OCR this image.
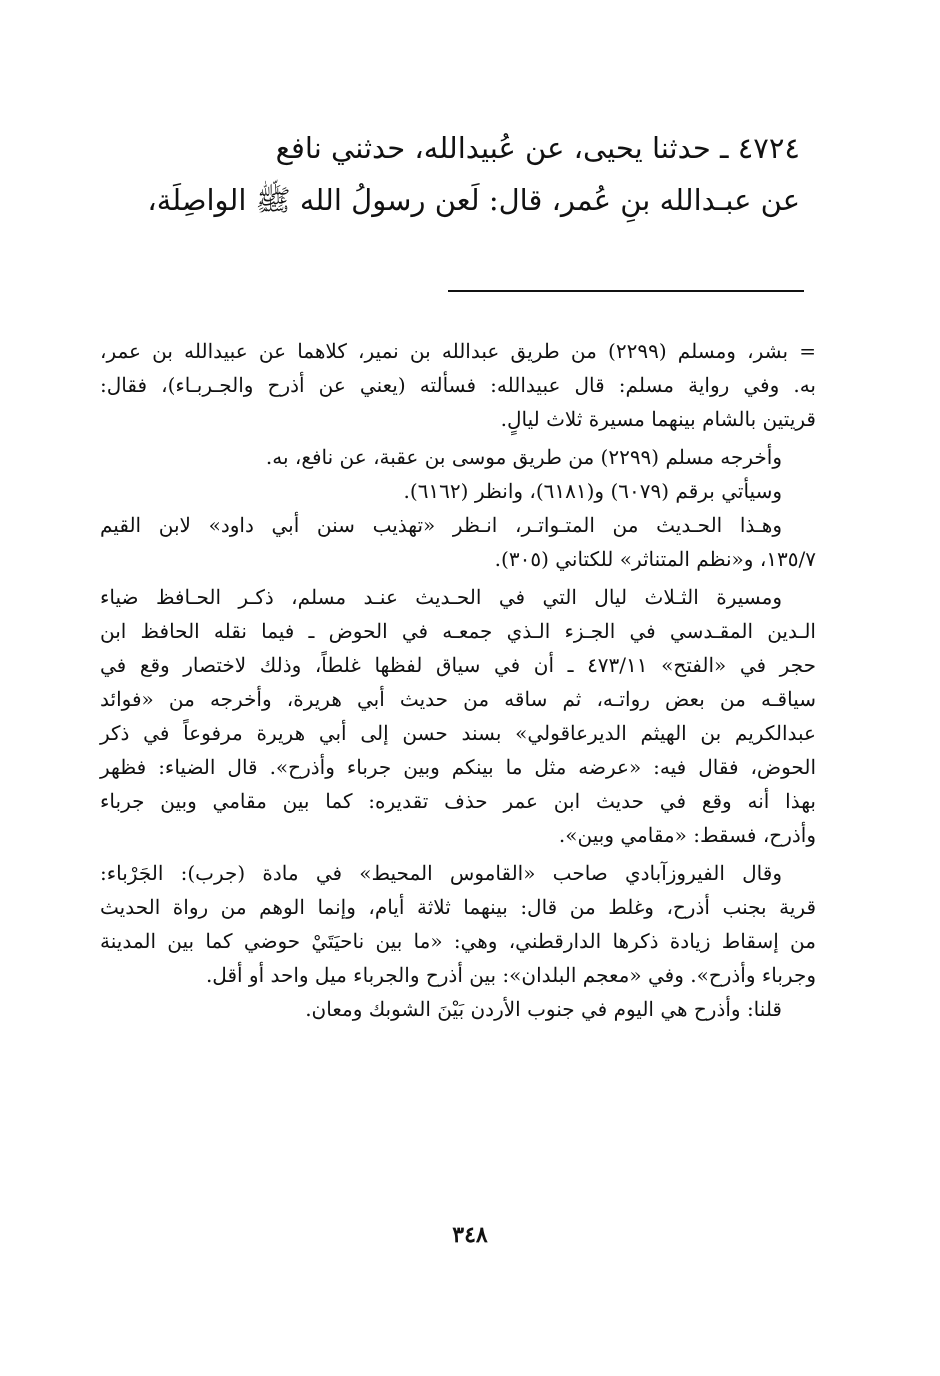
٤٧٢٤ ـ حدثنا يحيى، عن عُبيدالله، حدثني نافع
عن عبـدالله بنِ عُمر، قال: لَعن رسولُ الله ﷺ الواصِلَة،
= بشر، ومسلم (٢٢٩٩) من طريق عبدالله بن نمير، كلاهما عن عبيدالله بن عمر،
به. وفي رواية مسلم: قال عبيدالله: فسألته (يعني عن أذرح والجـربـاء)، فقال:
قريتين بالشام بينهما مسيرة ثلاث ليالٍ.
وأخرجه مسلم (٢٢٩٩) من طريق موسى بن عقبة، عن نافع، به.
وسيأتي برقم (٦٠٧٩) و(٦١٨١)، وانظر (٦١٦٢).
وهـذا الحـديث من المتـواتـر، انـظر «تهذيب سنن أبي داود» لابن القيم
١٣٥/٧، و«نظم المتناثر» للكتاني (٣٠٥).
ومسيرة الثـلاث ليال التي في الحـديث عنـد مسلم، ذكـر الحـافظ ضياء
الـدين المقـدسي في الجـزء الـذي جمعـه في الحوض ـ فيما نقله الحافظ ابن
حجر في «الفتح» ٤٧٣/١١ ـ أن في سياق لفظها غلطاً، وذلك لاختصار وقع في
سياقـه من بعض رواتـه، ثم ساقه من حديث أبي هريرة، وأخرجه من «فوائد
عبدالكريم بن الهيثم الديرعاقولي» بسند حسن إلى أبي هريرة مرفوعاً في ذكر
الحوض، فقال فيه: «عرضه مثل ما بينكم وبين جرباء وأذرح». قال الضياء: فظهر
بهذا أنه وقع في حديث ابن عمر حذف تقديره: كما بين مقامي وبين جرباء
وأذرح، فسقط: «مقامي وبين».
وقال الفيروزآبادي صاحب «القاموس المحيط» في مادة (جرب): الجَرْباء:
قرية بجنب أذرح، وغلط من قال: بينهما ثلاثة أيام، وإنما الوهم من رواة الحديث
من إسقاط زيادة ذكرها الدارقطني، وهي: «ما بين ناحيَتَيْ حوضي كما بين المدينة
وجرباء وأذرح». وفي «معجم البلدان»: بين أذرح والجرباء ميل واحد أو أقل.
قلنا: وأذرح هي اليوم في جنوب الأردن بَيْنَ الشوبك ومعان.
٣٤٨
